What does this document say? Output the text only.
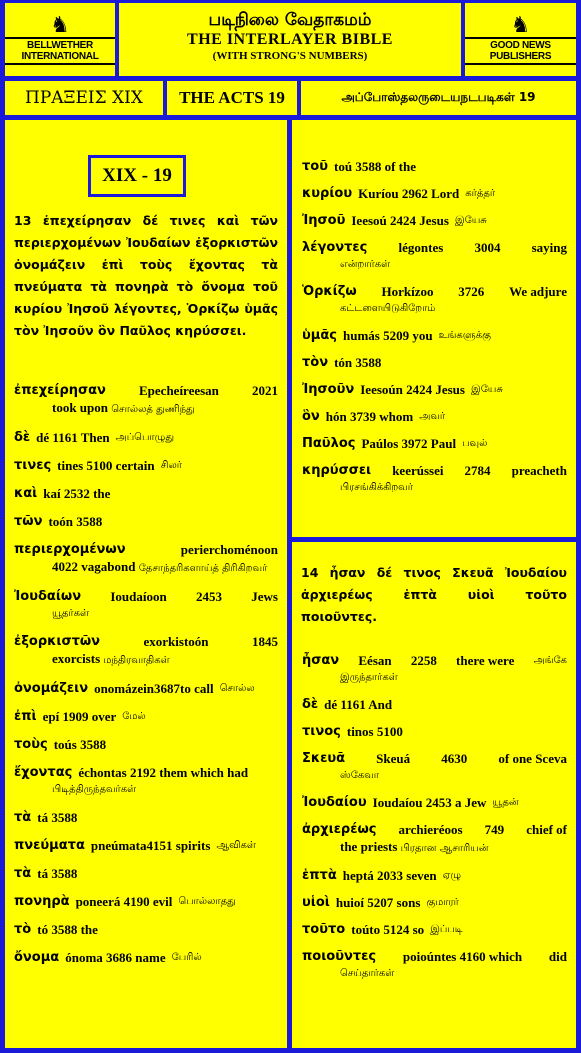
♞
BELLWETHER INTERNATIONAL
படிநிலை வேதாகமம்
THE INTERLAYER BIBLE
(WITH STRONG'S NUMBERS)
♞
GOOD NEWS PUBLISHERS
ΠΡΑΞΕΙΣ XIX	THE ACTS 19	அப்போஸ்தலருடையநடபடிகள் 19
XIX - 19
13 ἐπεχείρησαν δέ τινες καὶ τῶν περιερχομένων Ἰουδαίων ἐξορκιστῶν ὀνομάζειν ἐπὶ τοὺς ἔχοντας τὰ πνεύματα τὰ πονηρὰ τὸ ὄνομα τοῦ κυρίου Ἰησοῦ λέγοντες, Ὁρκίζω ὑμᾶς τὸν Ἰησοῦν ὃν Παῦλος κηρύσσει.
14 ἦσαν δέ τινος Σκευᾶ Ἰουδαίου ἀρχιερέως ἑπτὰ υἱοὶ τοῦτο ποιοῦντες.
ἐπεχείρησαν	Epecheíreesan	2021
took upon சொல்லத் துணிந்து
δὲ dé 1161 Then அப்பொழுது
τινες tines 5100 certain சிலர்
καὶ kaí 2532 the
τῶν toón 3588
περιερχομένων	perierchoménoon
4022 vagabond தேசாந்தரிகளாய்த் திரிகிறவர்
Ἰουδαίων Ioudaíoon 2453 Jews
யூதர்கள்
ἐξορκιστῶν	exorkistoón	1845
exorcists மந்திரவாதிகள்
ὀνομάζειν onomázein3687to call சொல்ல
ἐπὶ epí 1909 over மேல்
τοὺς toús 3588
ἔχοντας échontas 2192 them which had
பிடித்திருந்தவர்கள்
τὰ tá 3588
πνεύματα pneúmata4151 spirits ஆவிகள்
τὰ tá 3588
πονηρὰ poneerá 4190 evil பொல்லாதது
τὸ tó 3588 the
ὄνομα ónoma 3686 name பேரில்
τοῦ toú 3588 of the
κυρίου Kuríou 2962 Lord கர்த்தர்
Ἰησοῦ Ieesoú 2424 Jesus இயேசு
λέγοντες légontes 3004 saying
என்றார்கள்
Ὁρκίζω Horkízoo 3726 We adjure
கட்டளையிடுகிறோம்
ὑμᾶς humás 5209 you உங்களுக்கு
τὸν tón 3588
Ἰησοῦν Ieesoún 2424 Jesus இயேசு
ὃν hón 3739 whom அவர்
Παῦλος Paúlos 3972 Paul பவுல்
κηρύσσει keerússei 2784 preacheth
பிரசங்கிக்கிறவர்
ἦσαν Eésan 2258 there were அங்கே
இருந்தார்கள்
δὲ dé 1161 And
τινος tinos 5100
Σκευᾶ Skeuá 4630 of one Sceva
ஸ்கேவா
Ἰουδαίου Ioudaíou 2453 a Jew யூதன்
ἀρχιερέως archieréoos 749 chief of
the priests பிரதான ஆசாரியன்
ἑπτὰ heptá 2033 seven ஏழு
υἱοὶ huioí 5207 sons குமாரர்
τοῦτο toúto 5124 so இப்படி
ποιοῦντες poioúntes 4160 which did
செய்தார்கள்
